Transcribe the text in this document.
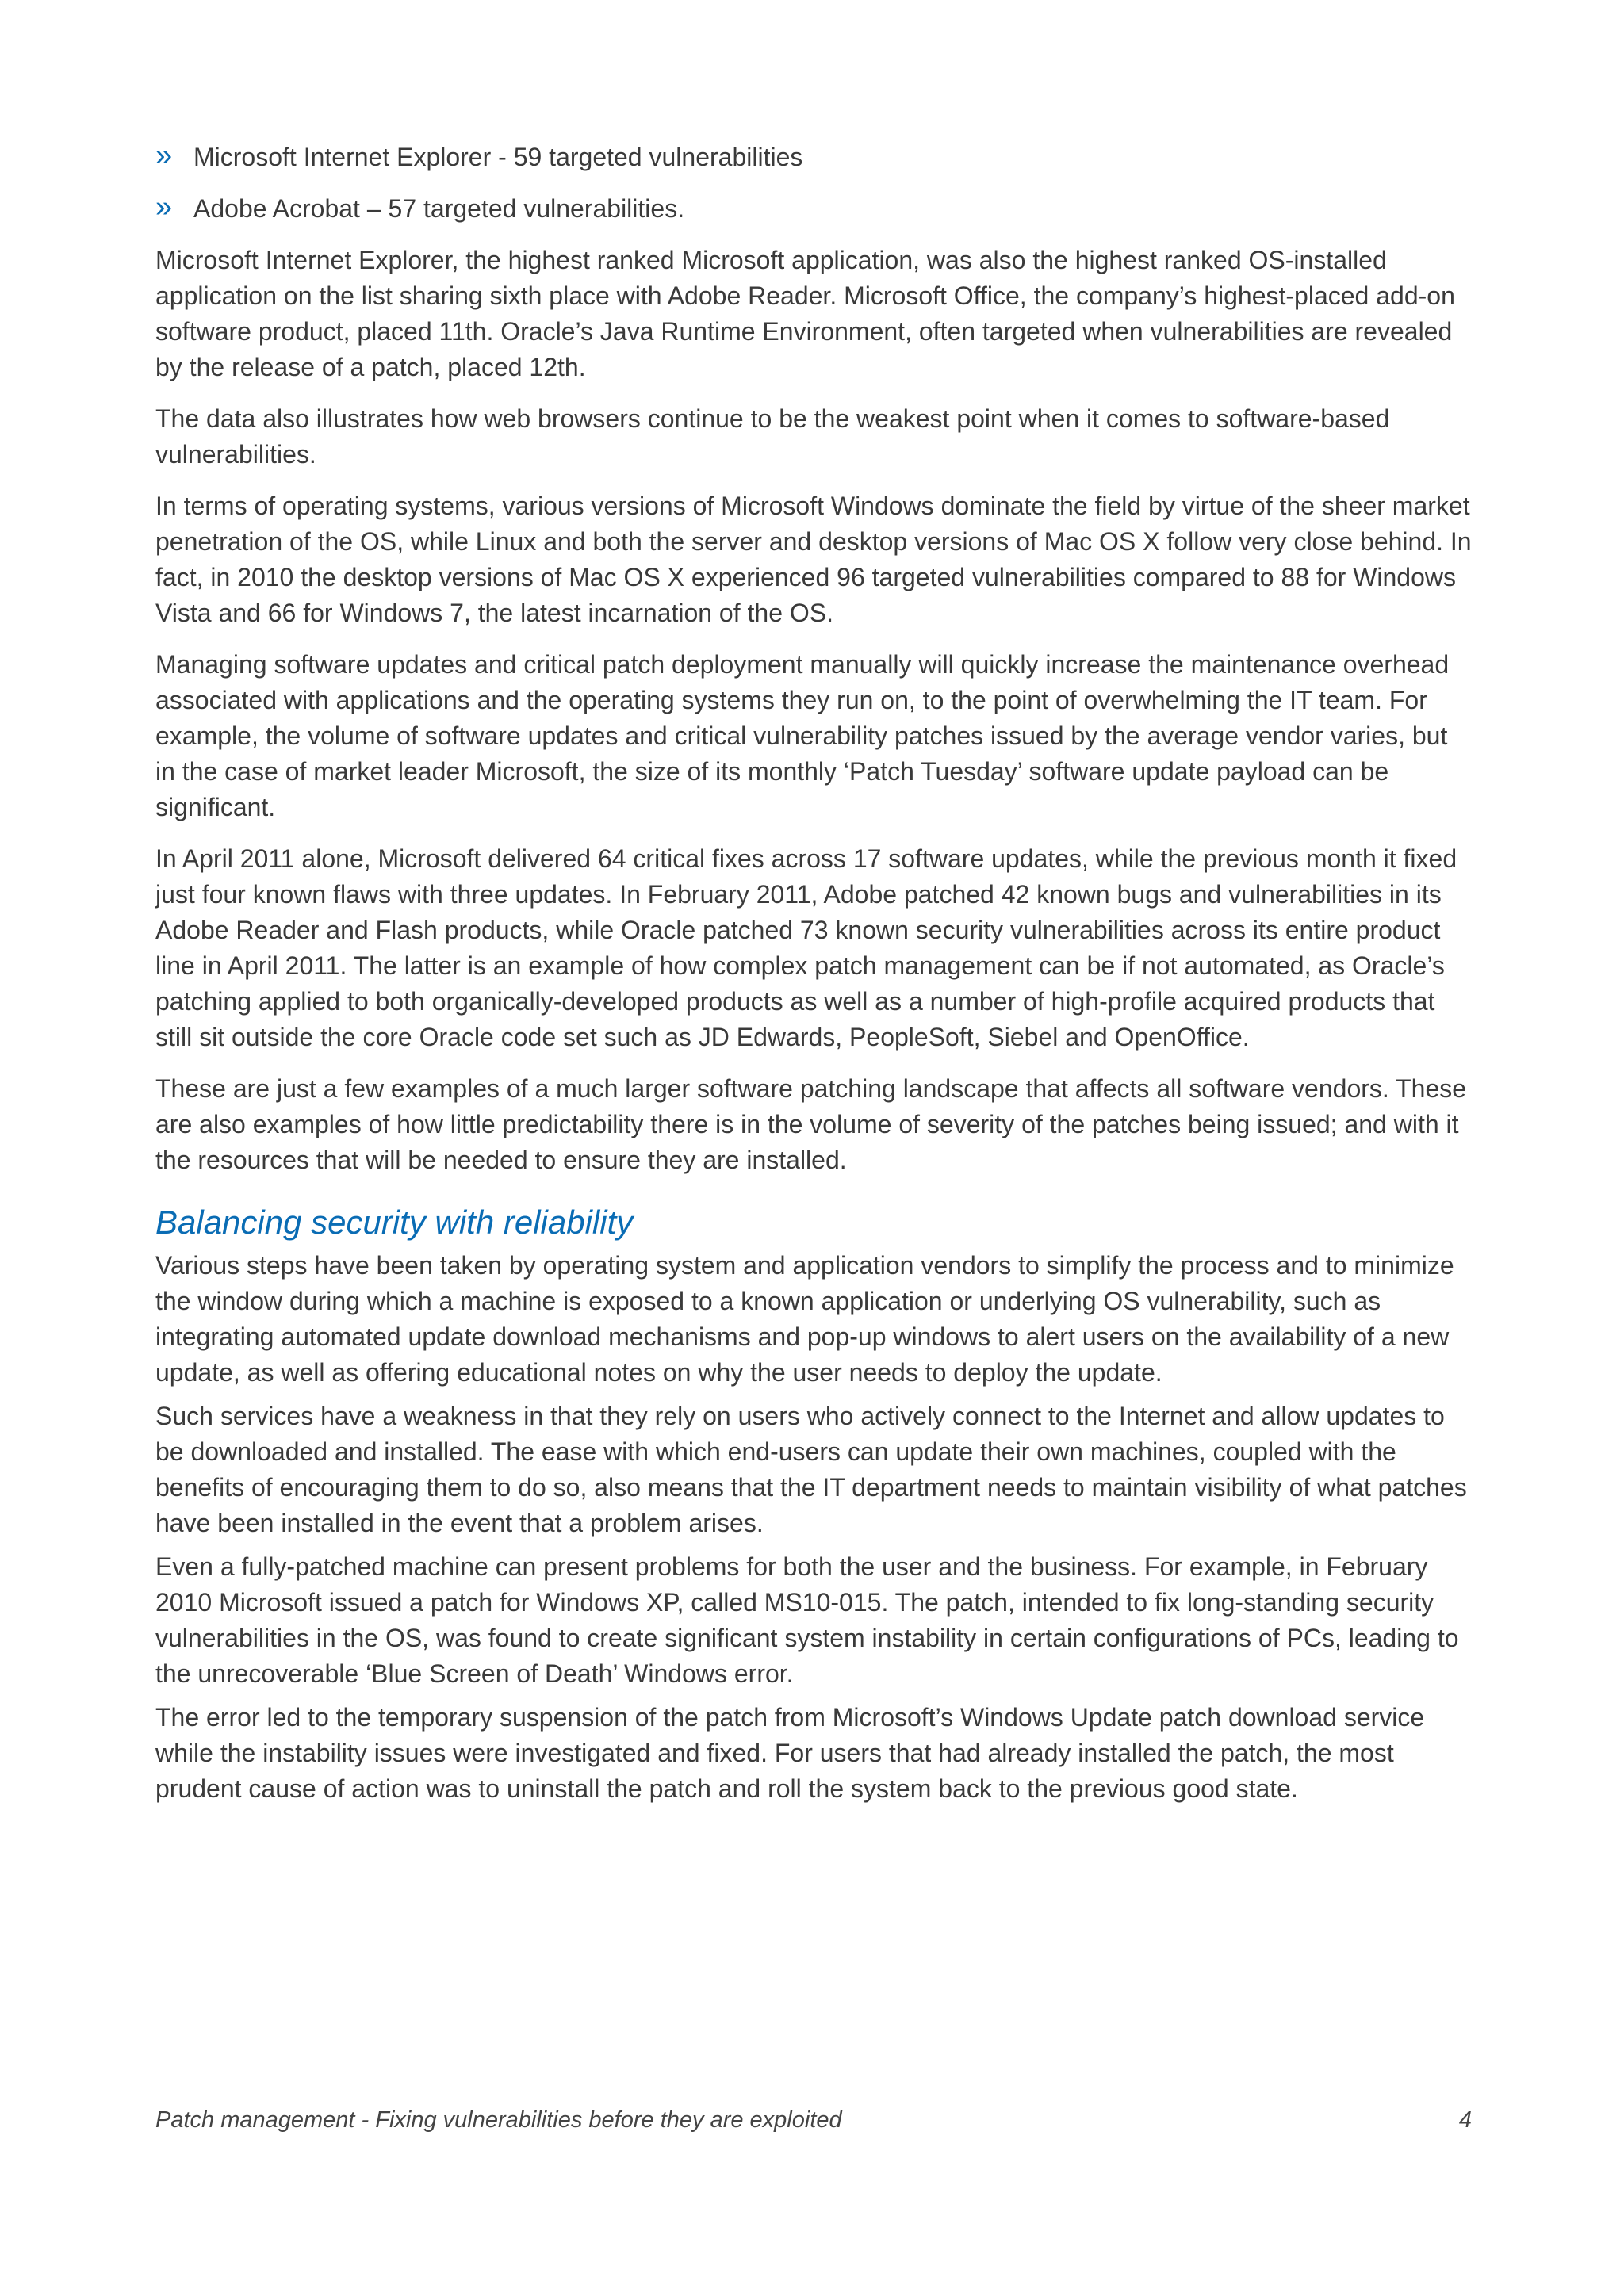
» Microsoft Internet Explorer - 59 targeted vulnerabilities
» Adobe Acrobat – 57 targeted vulnerabilities.

Microsoft Internet Explorer, the highest ranked Microsoft application, was also the highest ranked OS-installed application on the list sharing sixth place with Adobe Reader. Microsoft Office, the company’s highest-placed add-on software product, placed 11th. Oracle’s Java Runtime Environment, often targeted when vulnerabilities are revealed by the release of a patch, placed 12th.

The data also illustrates how web browsers continue to be the weakest point when it comes to software-based vulnerabilities.

In terms of operating systems, various versions of Microsoft Windows dominate the field by virtue of the sheer market penetration of the OS, while Linux and both the server and desktop versions of Mac OS X follow very close behind. In fact, in 2010 the desktop versions of Mac OS X experienced 96 targeted vulnerabilities compared to 88 for Windows Vista and 66 for Windows 7, the latest incarnation of the OS.

Managing software updates and critical patch deployment manually will quickly increase the maintenance overhead associated with applications and the operating systems they run on, to the point of overwhelming the IT team. For example, the volume of software updates and critical vulnerability patches issued by the average vendor varies, but in the case of market leader Microsoft, the size of its monthly ‘Patch Tuesday’ software update payload can be significant.

In April 2011 alone, Microsoft delivered 64 critical fixes across 17 software updates, while the previous month it fixed just four known flaws with three updates. In February 2011, Adobe patched 42 known bugs and vulnerabilities in its Adobe Reader and Flash products, while Oracle patched 73 known security vulnerabilities across its entire product line in April 2011. The latter is an example of how complex patch management can be if not automated, as Oracle’s patching applied to both organically-developed products as well as a number of high-profile acquired products that still sit outside the core Oracle code set such as JD Edwards, PeopleSoft, Siebel and OpenOffice.

These are just a few examples of a much larger software patching landscape that affects all software vendors. These are also examples of how little predictability there is in the volume of severity of the patches being issued; and with it the resources that will be needed to ensure they are installed.

Balancing security with reliability

Various steps have been taken by operating system and application vendors to simplify the process and to minimize the window during which a machine is exposed to a known application or underlying OS vulnerability, such as integrating automated update download mechanisms and pop-up windows to alert users on the availability of a new update, as well as offering educational notes on why the user needs to deploy the update.

Such services have a weakness in that they rely on users who actively connect to the Internet and allow updates to be downloaded and installed. The ease with which end-users can update their own machines, coupled with the benefits of encouraging them to do so, also means that the IT department needs to maintain visibility of what patches have been installed in the event that a problem arises.

Even a fully-patched machine can present problems for both the user and the business. For example, in February 2010 Microsoft issued a patch for Windows XP, called MS10-015. The patch, intended to fix long-standing security vulnerabilities in the OS, was found to create significant system instability in certain configurations of PCs, leading to the unrecoverable ‘Blue Screen of Death’ Windows error.

The error led to the temporary suspension of the patch from Microsoft’s Windows Update patch download service while the instability issues were investigated and fixed. For users that had already installed the patch, the most prudent cause of action was to uninstall the patch and roll the system back to the previous good state.

Patch management - Fixing vulnerabilities before they are exploited	4
